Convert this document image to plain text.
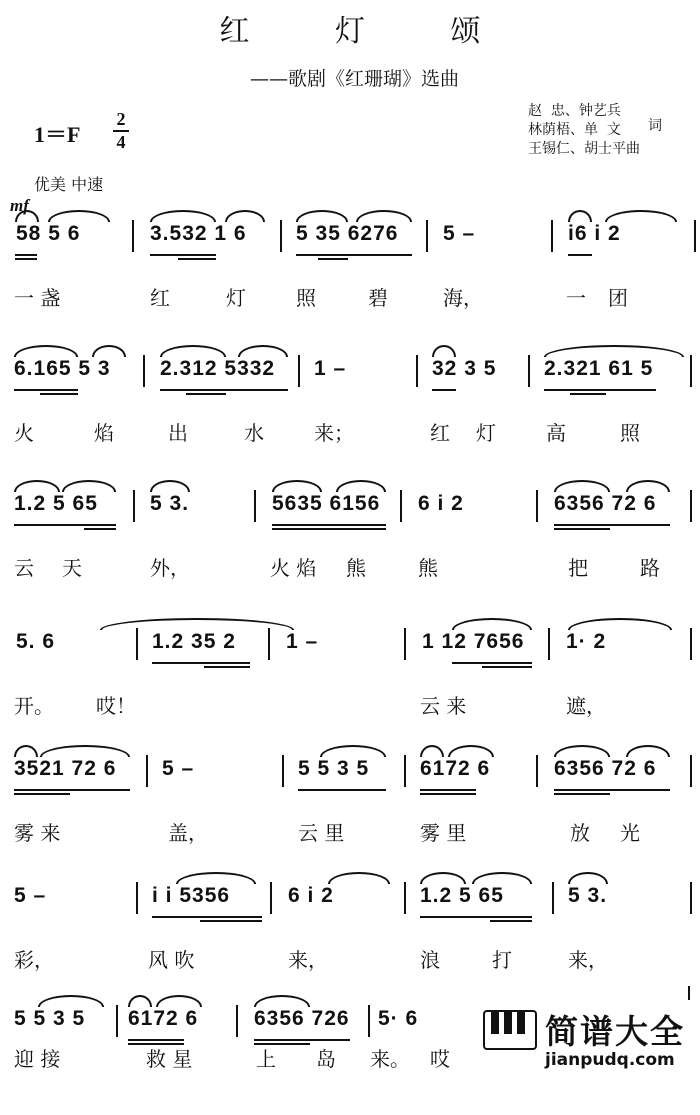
红 灯 颂
——歌剧《红珊瑚》选曲
1＝F
2
4
赵  忠、钟艺兵
林荫梧、单  文
王锡仁、胡士平曲
词
优美 中速
mf
58 5 6	3.532 1 6 5 35 6276 5 –	i6 i 2
一 盏	红	灯	照	碧	海，	一 团
6.165 5 3 2.312 5332 1 –	32 3 5 2.321 61 5
火	焰	出	水	来；	红 灯	高	照
1.2 5 65 5 3.	5635 6156 6 i 2	6356 72 6
云 天	外，	火 焰 熊	熊	把	路
5. 6	1.2 35 2 1 –	1 12 7656 1· 2
开。 哎！	云 来	遮，
3521 72 6 5 –	5 5 3 5 6172 6	6356 72 6
雾 来	盖，	云 里	雾 里	放 光
5 –	i i 5356	6 i 2	1.2 5 65	5 3.
彩，	风 吹	来，	浪	打	来，
5 5 3 5 6172 6	6356 726 5· 6
迎 接	救 星	上 岛 来。 哎
简谱大全
jianpudq.com
